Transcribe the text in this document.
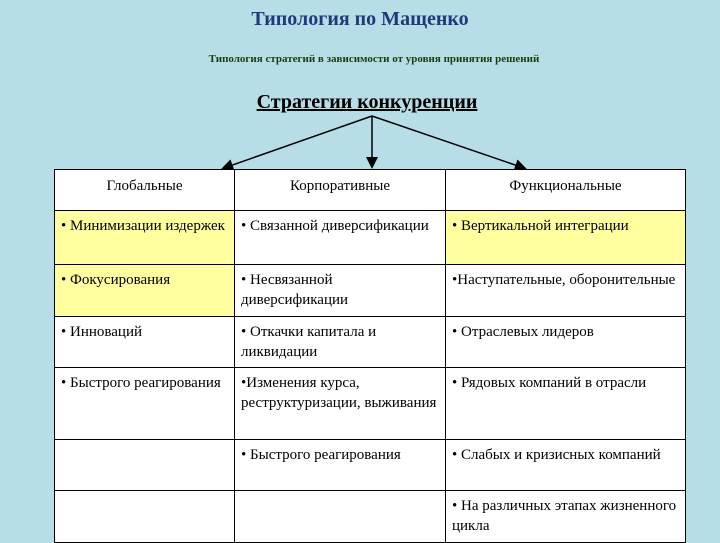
Типология по Мащенко
Типология стратегий в зависимости от уровня принятия решений
Стратегии конкуренции
Глобальные	Корпоративные	Функциональные
• Минимизации издержек	• Связанной диверсификации	• Вертикальной интеграции
• Фокусирования	• Несвязанной диверсификации	•Наступательные, оборонительные
• Инноваций	• Откачки капитала и ликвидации	• Отраслевых лидеров
• Быстрого реагирования	•Изменения курса, реструктуризации, выживания	• Рядовых компаний в отрасли
	• Быстрого реагирования	• Слабых и кризисных компаний
		• На различных этапах жизненного цикла
